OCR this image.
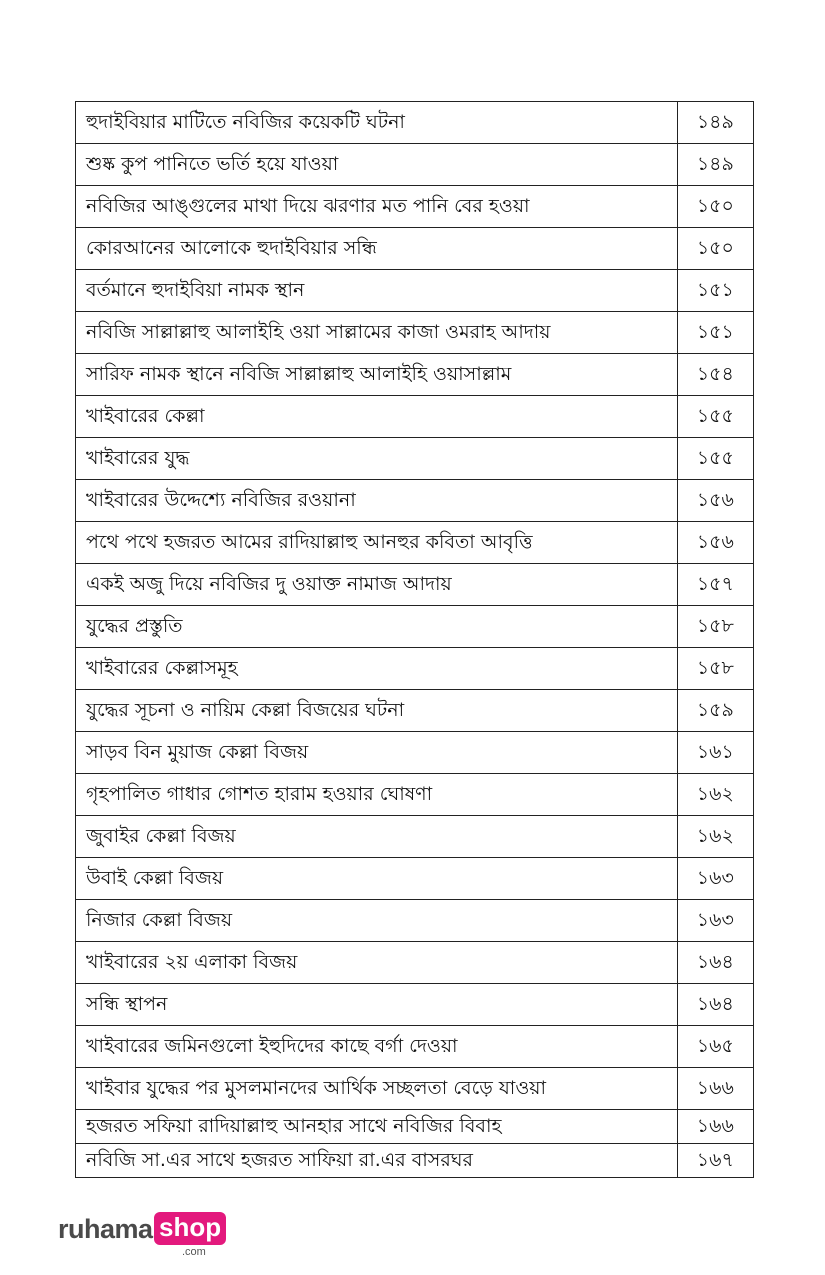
হুদাইবিয়ার মাটিতে নবিজির কয়েকটি ঘটনা	১৪৯
শুষ্ক কুপ পানিতে ভর্তি হয়ে যাওয়া	১৪৯
নবিজির আঙ্গুলের মাথা দিয়ে ঝরণার মত পানি বের হওয়া	১৫০
কোরআনের আলোকে হুদাইবিয়ার সন্ধি	১৫০
বর্তমানে হুদাইবিয়া নামক স্থান	১৫১
নবিজি সাল্লাল্লাহু আলাইহি ওয়া সাল্লামের কাজা ওমরাহ আদায়	১৫১
সারিফ নামক স্থানে নবিজি সাল্লাল্লাহু আলাইহি ওয়াসাল্লাম	১৫৪
খাইবারের কেল্লা	১৫৫
খাইবারের যুদ্ধ	১৫৫
খাইবারের উদ্দেশ্যে নবিজির রওয়ানা	১৫৬
পথে পথে হজরত আমের রাদিয়াল্লাহু আনহুর কবিতা আবৃত্তি	১৫৬
একই অজু দিয়ে নবিজির দু ওয়াক্ত নামাজ আদায়	১৫৭
যুদ্ধের প্রস্তুতি	১৫৮
খাইবারের কেল্লাসমূহ	১৫৮
যুদ্ধের সূচনা ও নায়িম কেল্লা বিজয়ের ঘটনা	১৫৯
সাড়ব বিন মুয়াজ কেল্লা বিজয়	১৬১
গৃহপালিত গাধার গোশত হারাম হওয়ার ঘোষণা	১৬২
জুবাইর কেল্লা বিজয়	১৬২
উবাই কেল্লা বিজয়	১৬৩
নিজার কেল্লা বিজয়	১৬৩
খাইবারের ২য় এলাকা বিজয়	১৬৪
সন্ধি স্থাপন	১৬৪
খাইবারের জমিনগুলো ইহুদিদের কাছে বর্গা দেওয়া	১৬৫
খাইবার যুদ্ধের পর মুসলমানদের আর্থিক সচ্ছলতা বেড়ে যাওয়া	১৬৬
হজরত সফিয়া রাদিয়াল্লাহু আনহার সাথে নবিজির বিবাহ	১৬৬
নবিজি সা.এর সাথে হজরত সাফিয়া রা.এর বাসরঘর	১৬৭
ruhama shop
.com
